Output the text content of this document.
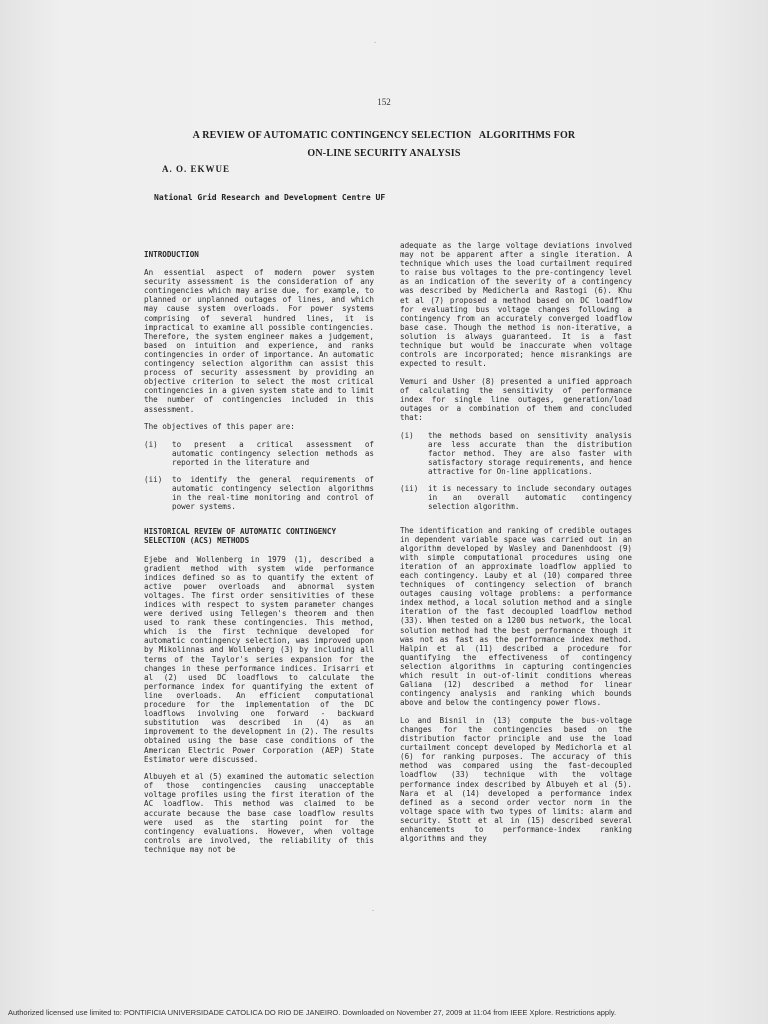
-
-
152
A REVIEW OF AUTOMATIC CONTINGENCY SELECTION   ALGORITHMS FOR
ON-LINE SECURITY ANALYSIS
A. O. EKWUE
National Grid Research and Development Centre UF

INTRODUCTION

An essential aspect of modern power system security assessment is the consideration of any contingencies which may arise due, for example, to planned or unplanned outages of lines, and which may cause system overloads. For power systems comprising of several hundred lines, it is impractical to examine all possible contingencies. Therefore, the system engineer makes a judgement, based on intuition and experience, and ranks contingencies in order of importance. An automatic contingency selection algorithm can assist this process of security assessment by providing an objective criterion to select the most critical contingencies in a given system state and to limit the number of contingencies included in this assessment.

The objectives of this paper are:

(i)	to present a critical assessment of automatic contingency selection methods as reported in the literature and
(ii)	to identify the general requirements of automatic contingency selection algorithms in the real-time monitoring and control of power systems.

HISTORICAL REVIEW OF AUTOMATIC CONTINGENCY SELECTION (ACS) METHODS

Ejebe and Wollenberg in 1979 (1), described a gradient method with system wide performance indices defined so as to quantify the extent of active power overloads and abnormal system voltages. The first order sensitivities of these indices with respect to system parameter changes were derived using Tellegen's theorem and then used to rank these contingencies. This method, which is the first technique developed for automatic contingency selection, was improved upon by Mikolinnas and Wollenberg (3) by including all terms of the Taylor's series expansion for the changes in these performance indices. Irisarri et al (2) used DC loadflows to calculate the performance index for quantifying the extent of line overloads. An efficient computational procedure for the implementation of the DC loadflows involving one forward - backward substitution was described in (4) as an improvement to the development in (2). The results obtained using the base case conditions of the American Electric Power Corporation (AEP) State Estimator were discussed.

Albuyeh et al (5) examined the automatic selection of those contingencies causing unacceptable voltage profiles using the first iteration of the AC loadflow. This method was claimed to be accurate because the base case loadflow results were used as the starting point for the contingency evaluations. However, when voltage controls are involved, the reliability of this technique may not be

adequate as the large voltage deviations involved may not be apparent after a single iteration. A technique which uses the load curtailment required to raise bus voltages to the pre-contingency level as an indication of the severity of a contingency was described by Medicherla and Rastogi (6). Khu et al (7) proposed a method based on DC loadflow for evaluating bus voltage changes following a contingency from an accurately converged loadflow base case. Though the method is non-iterative, a solution is always guaranteed. It is a fast technique but would be inaccurate when voltage controls are incorporated; hence misrankings are expected to result.

Vemuri and Usher (8) presented a unified approach of calculating the sensitivity of performance index for single line outages, generation/load outages or a combination of them and concluded that:

(i)	the methods based on sensitivity analysis are less accurate than the distribution factor method. They are also faster with satisfactory storage requirements, and hence attractive for On-line applications.
(ii)	it is necessary to include secondary outages in an overall automatic contingency selection algorithm.

The identification and ranking of credible outages in dependent variable space was carried out in an algorithm developed by Wasley and Danenhdoost (9) with simple computational procedures using one iteration of an approximate loadflow applied to each contingency. Lauby et al (10) compared three techniques of contingency selection of branch outages causing voltage problems: a performance index method, a local solution method and a single iteration of the fast decoupled loadflow method (33). When tested on a 1200 bus network, the local solution method had the best performance though it was not as fast as the performance index method. Halpin et al (11) described a procedure for quantifying the effectiveness of contingency selection algorithms in capturing contingencies which result in out-of-limit conditions whereas Galiana (12) described a method for linear contingency analysis and ranking which bounds above and below the contingency power flows.

Lo and Bisnil in (13) compute the bus-voltage changes for the contingencies based on the distribution factor principle and use the load curtailment concept developed by Medichorla et al (6) for ranking purposes. The accuracy of this method was compared using the fast-decoupled loadflow (33) technique with the voltage performance index described by Albuyeh et al (5). Nara et al (14) developed a performance index defined as a second order vector norm in the voltage space with two types of limits: alarm and security. Stott et al in (15) described several enhancements to performance-index ranking algorithms and they

Authorized licensed use limited to: PONTIFICIA UNIVERSIDADE CATOLICA DO RIO DE JANEIRO. Downloaded on November 27, 2009 at 11:04 from IEEE Xplore. Restrictions apply.
